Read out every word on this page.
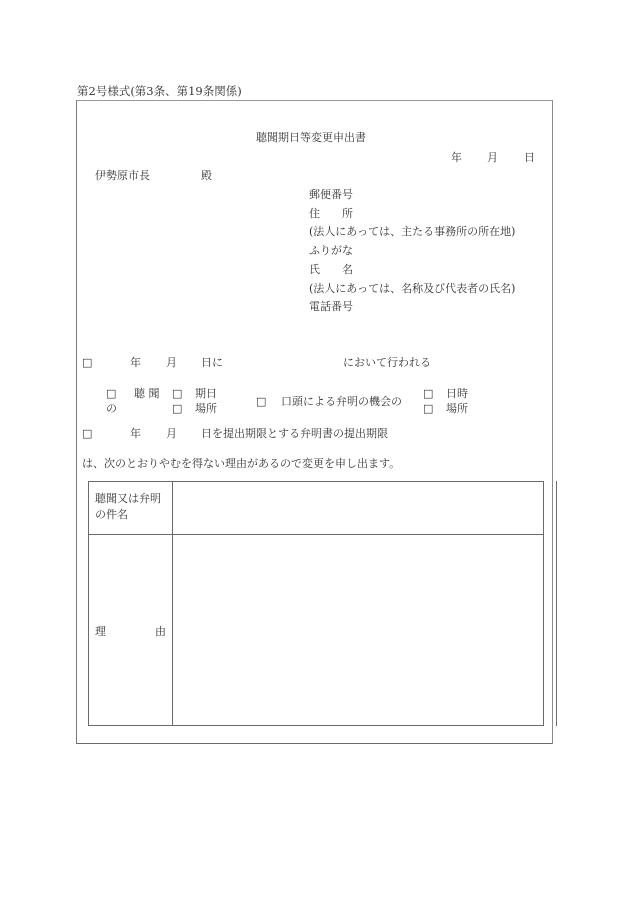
第2号様式(第3条、第19条関係)
聴聞期日等変更申出書
年 月 日
伊勢原市長	殿
郵便番号
住　　所
(法人にあっては、主たる事務所の所在地)
ふりがな
氏　　名
(法人にあっては、名称及び代表者の氏名)
電話番号
□	年 月 日に	において行われる
□ 聴 聞
の
□ 期日
□ 場所
□ 口頭による弁明の機会の
□ 日時
□ 場所
□	年 月 日を提出期限とする弁明書の提出期限
は、次のとおりやむを得ない理由があるので変更を申し出ます。
聴聞又は弁明
の件名
理	由
